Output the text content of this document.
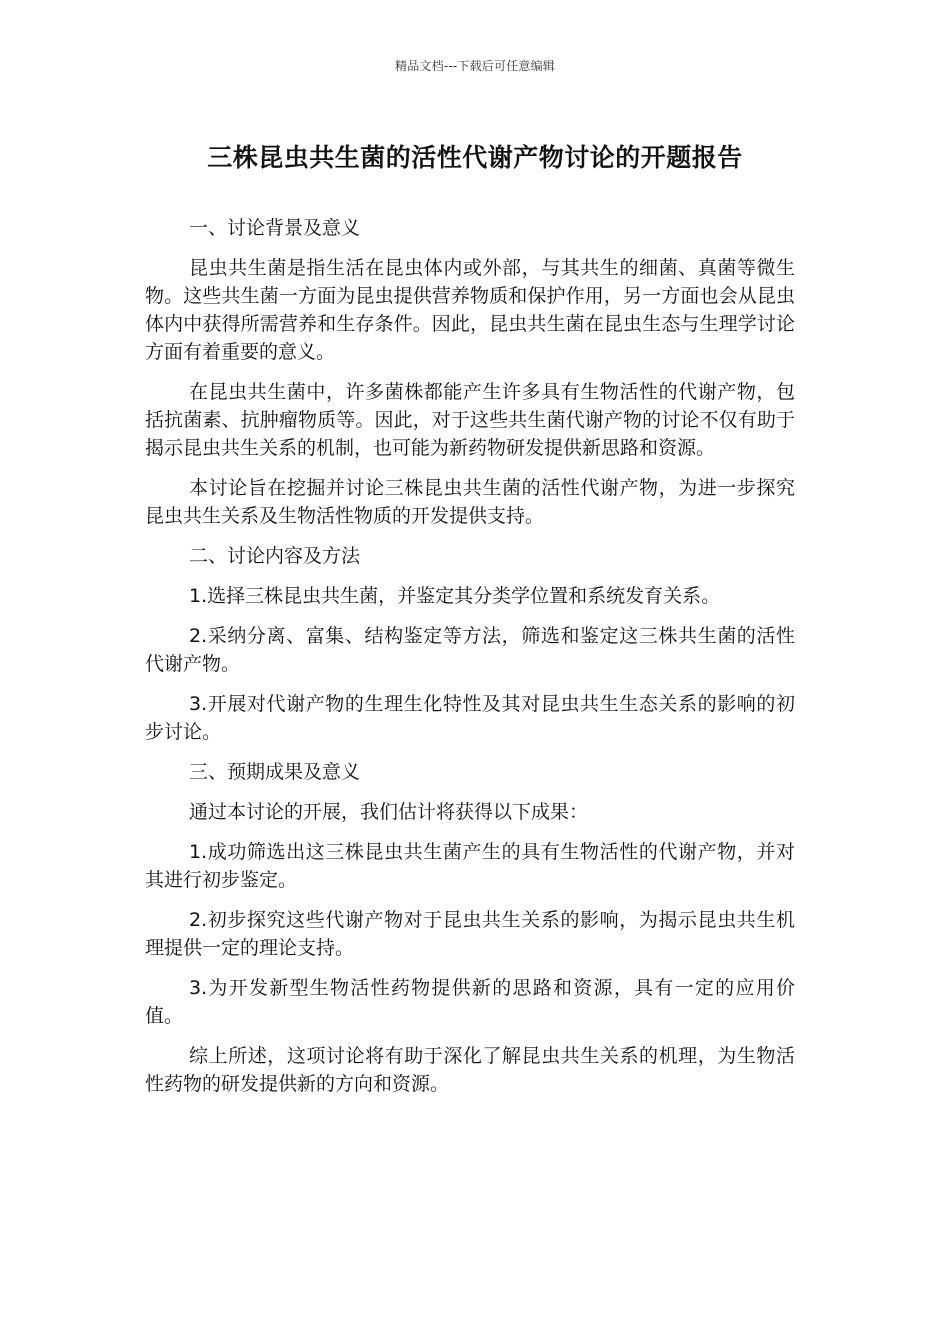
精品文档---下载后可任意编辑
三株昆虫共生菌的活性代谢产物讨论的开题报告

一、讨论背景及意义

昆虫共生菌是指生活在昆虫体内或外部，与其共生的细菌、真菌等微生物。这些共生菌一方面为昆虫提供营养物质和保护作用，另一方面也会从昆虫体内中获得所需营养和生存条件。因此，昆虫共生菌在昆虫生态与生理学讨论方面有着重要的意义。

在昆虫共生菌中，许多菌株都能产生许多具有生物活性的代谢产物，包括抗菌素、抗肿瘤物质等。因此，对于这些共生菌代谢产物的讨论不仅有助于揭示昆虫共生关系的机制，也可能为新药物研发提供新思路和资源。

本讨论旨在挖掘并讨论三株昆虫共生菌的活性代谢产物，为进一步探究昆虫共生关系及生物活性物质的开发提供支持。

二、讨论内容及方法

1.选择三株昆虫共生菌，并鉴定其分类学位置和系统发育关系。

2.采纳分离、富集、结构鉴定等方法，筛选和鉴定这三株共生菌的活性代谢产物。

3.开展对代谢产物的生理生化特性及其对昆虫共生生态关系的影响的初步讨论。

三、预期成果及意义

通过本讨论的开展，我们估计将获得以下成果：

1.成功筛选出这三株昆虫共生菌产生的具有生物活性的代谢产物，并对其进行初步鉴定。

2.初步探究这些代谢产物对于昆虫共生关系的影响，为揭示昆虫共生机理提供一定的理论支持。

3.为开发新型生物活性药物提供新的思路和资源，具有一定的应用价值。

综上所述，这项讨论将有助于深化了解昆虫共生关系的机理，为生物活性药物的研发提供新的方向和资源。
